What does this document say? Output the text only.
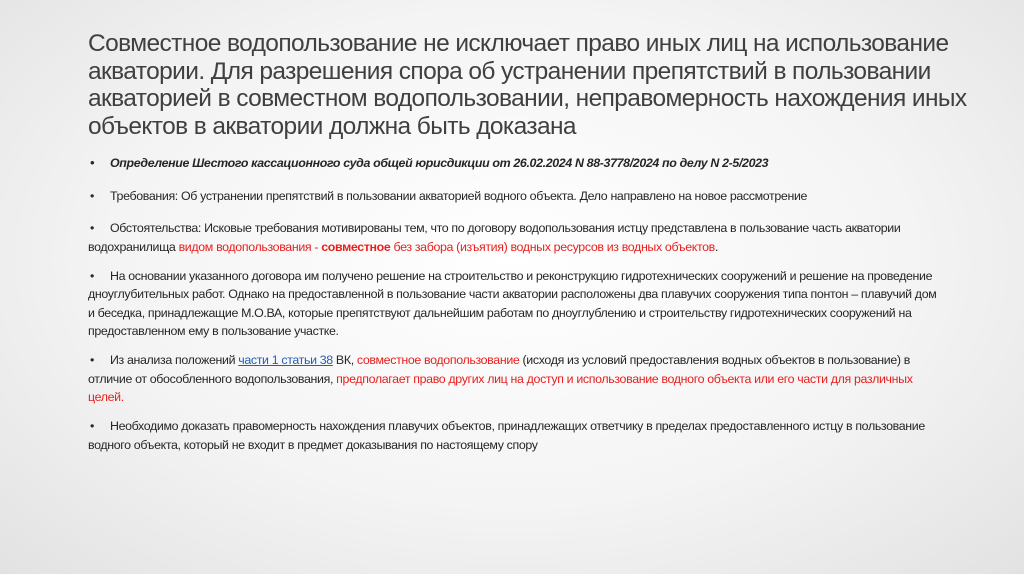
Совместное водопользование не исключает право иных лиц на использование акватории. Для разрешения спора об устранении препятствий в пользовании акваторией в совместном водопользовании, неправомерность нахождения иных объектов в акватории должна быть доказана

• Определение Шестого кассационного суда общей юрисдикции от 26.02.2024 N 88-3778/2024 по делу N 2-5/2023

• Требования: Об устранении препятствий в пользовании акваторией водного объекта. Дело направлено на новое рассмотрение

• Обстоятельства: Исковые требования мотивированы тем, что по договору водопользования истцу представлена в пользование часть акватории водохранилища видом водопользования - совместное без забора (изъятия) водных ресурсов из водных объектов.

• На основании указанного договора им получено решение на строительство и реконструкцию гидротехнических сооружений и решение на проведение дноуглубительных работ. Однако на предоставленной в пользование части акватории расположены два плавучих сооружения типа понтон – плавучий дом и беседка, принадлежащие М.О.ВА, которые препятствуют дальнейшим работам по дноуглублению и строительству гидротехнических сооружений на предоставленном ему в пользование участке.

• Из анализа положений части 1 статьи 38 ВК, совместное водопользование (исходя из условий предоставления водных объектов в пользование) в отличие от обособленного водопользования, предполагает право других лиц на доступ и использование водного объекта или его части для различных целей.

• Необходимо доказать правомерность нахождения плавучих объектов, принадлежащих ответчику в пределах предоставленного истцу в пользование водного объекта, который не входит в предмет доказывания по настоящему спору
